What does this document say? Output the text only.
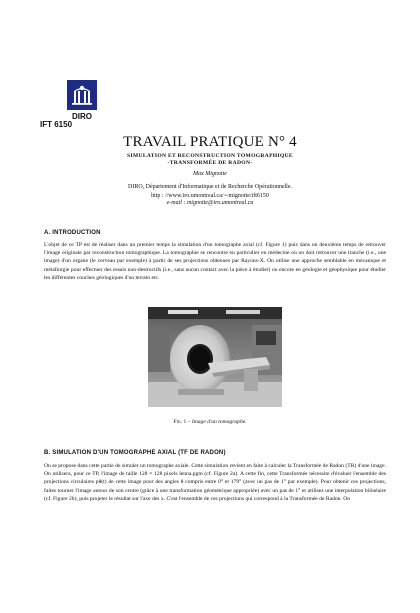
DIRO
IFT 6150
TRAVAIL PRATIQUE N° 4
SIMULATION ET RECONSTRUCTION TOMOGRAPHIQUE
-TRANSFORMÉE DE RADON-
Max Mignotte
DIRO, Département d'Informatique et de Recherche Opérationnelle.
http : //www.iro.umontreal.ca/∼mignotte/ift6150
e-mail : mignotte@iro.umontreal.ca
A. INTRODUCTION
L'objet de ce TP est de réaliser dans un premier temps la simulation d'un tomographe axial (cf. Figure 1) puis dans un deuxième temps de retrouver l'image originale par reconstruction tomographique. La tomographie se rencontre en particulier en médecine où on doit retrouver une tranche (i.e., une image) d'un organe (le cerveau par exemple) à partir de ses projections obtenues par Rayons-X. On utilise une approche semblable en mécanique et métallurgie pour effectuer des essais non-destructifs (i.e., sans aucun contact avec la pièce à étudier) ou encore en géologie et géophysique pour étudier les différentes couches géologiques d'un terrain etc.
Fig. 1 – Image d'un tomographe.
B. SIMULATION D'UN TOMOGRAPHE AXIAL (TF DE RADON)
On se propose dans cette partie de simuler un tomographe axiale. Cette simulation revient en faite à calculer la Transformée de Radon (TR) d'une image. On utilisera, pour ce TP, l'image de taille 128 × 128 pixels lenna.pgm (cf. Figure 2a). A cette fin, cette Transformée nécessite d'évaluer l'ensemble des projections circulaires pθ(t) de cette image pour des angles θ compris entre 0° et 179° (avec un pas de 1° par exemple). Pour obtenir ces projections, faites tourner l'image autour de son centre (grâce à une transformation géométrique appropriée) avec un pas de 1° et utilisez une interpolation bilinéaire (cf. Figure 2b), puis projeter le résultat sur l'axe des x. C'est l'ensemble de ces projections qui correspond à la Transformée de Radon. On
